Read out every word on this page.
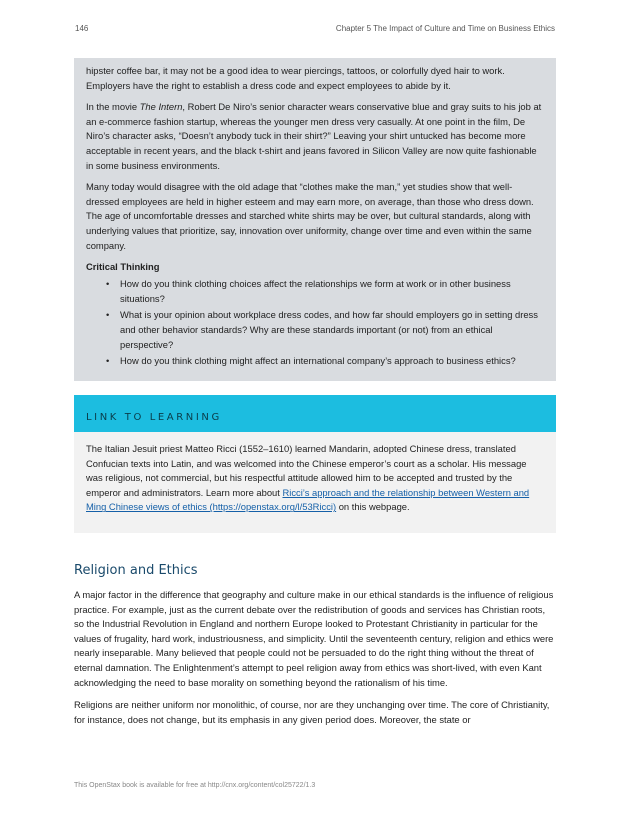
146	Chapter 5 The Impact of Culture and Time on Business Ethics

hipster coffee bar, it may not be a good idea to wear piercings, tattoos, or colorfully dyed hair to work. Employers have the right to establish a dress code and expect employees to abide by it.

In the movie The Intern, Robert De Niro’s senior character wears conservative blue and gray suits to his job at an e-commerce fashion startup, whereas the younger men dress very casually. At one point in the film, De Niro’s character asks, “Doesn’t anybody tuck in their shirt?” Leaving your shirt untucked has become more acceptable in recent years, and the black t-shirt and jeans favored in Silicon Valley are now quite fashionable in some business environments.

Many today would disagree with the old adage that “clothes make the man,” yet studies show that well-dressed employees are held in higher esteem and may earn more, on average, than those who dress down. The age of uncomfortable dresses and starched white shirts may be over, but cultural standards, along with underlying values that prioritize, say, innovation over uniformity, change over time and even within the same company.

Critical Thinking
• How do you think clothing choices affect the relationships we form at work or in other business situations?
• What is your opinion about workplace dress codes, and how far should employers go in setting dress and other behavior standards? Why are these standards important (or not) from an ethical perspective?
• How do you think clothing might affect an international company’s approach to business ethics?
LINK TO LEARNING

The Italian Jesuit priest Matteo Ricci (1552–1610) learned Mandarin, adopted Chinese dress, translated Confucian texts into Latin, and was welcomed into the Chinese emperor’s court as a scholar. His message was religious, not commercial, but his respectful attitude allowed him to be accepted and trusted by the emperor and administrators. Learn more about Ricci’s approach and the relationship between Western and Ming Chinese views of ethics (https://openstax.org/l/53Ricci) on this webpage.

Religion and Ethics

A major factor in the difference that geography and culture make in our ethical standards is the influence of religious practice. For example, just as the current debate over the redistribution of goods and services has Christian roots, so the Industrial Revolution in England and northern Europe looked to Protestant Christianity in particular for the values of frugality, hard work, industriousness, and simplicity. Until the seventeenth century, religion and ethics were nearly inseparable. Many believed that people could not be persuaded to do the right thing without the threat of eternal damnation. The Enlightenment’s attempt to peel religion away from ethics was short-lived, with even Kant acknowledging the need to base morality on something beyond the rationalism of his time.

Religions are neither uniform nor monolithic, of course, nor are they unchanging over time. The core of Christianity, for instance, does not change, but its emphasis in any given period does. Moreover, the state or

This OpenStax book is available for free at http://cnx.org/content/col25722/1.3
